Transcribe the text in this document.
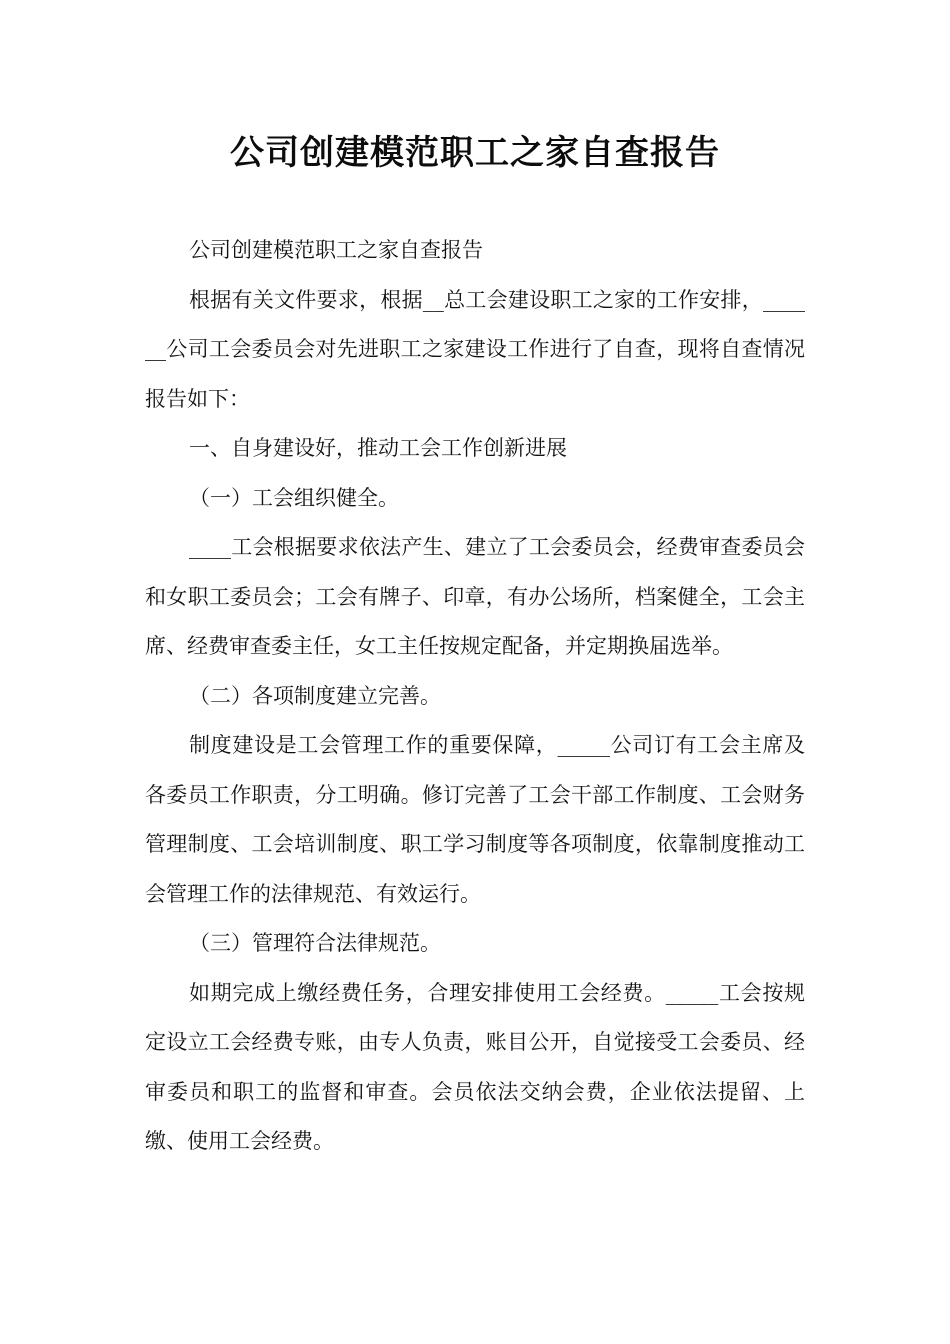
公司创建模范职工之家自查报告

公司创建模范职工之家自查报告

根据有关文件要求，根据__总工会建设职工之家的工作安排，______公司工会委员会对先进职工之家建设工作进行了自查，现将自查情况报告如下：

一、自身建设好，推动工会工作创新进展

（一）工会组织健全。

____工会根据要求依法产生、建立了工会委员会，经费审查委员会和女职工委员会；工会有牌子、印章，有办公场所，档案健全，工会主席、经费审查委主任，女工主任按规定配备，并定期换届选举。

（二）各项制度建立完善。

制度建设是工会管理工作的重要保障，_____公司订有工会主席及各委员工作职责，分工明确。修订完善了工会干部工作制度、工会财务管理制度、工会培训制度、职工学习制度等各项制度，依靠制度推动工会管理工作的法律规范、有效运行。

（三）管理符合法律规范。

如期完成上缴经费任务，合理安排使用工会经费。_____工会按规定设立工会经费专账，由专人负责，账目公开，自觉接受工会委员、经审委员和职工的监督和审查。会员依法交纳会费，企业依法提留、上缴、使用工会经费。
